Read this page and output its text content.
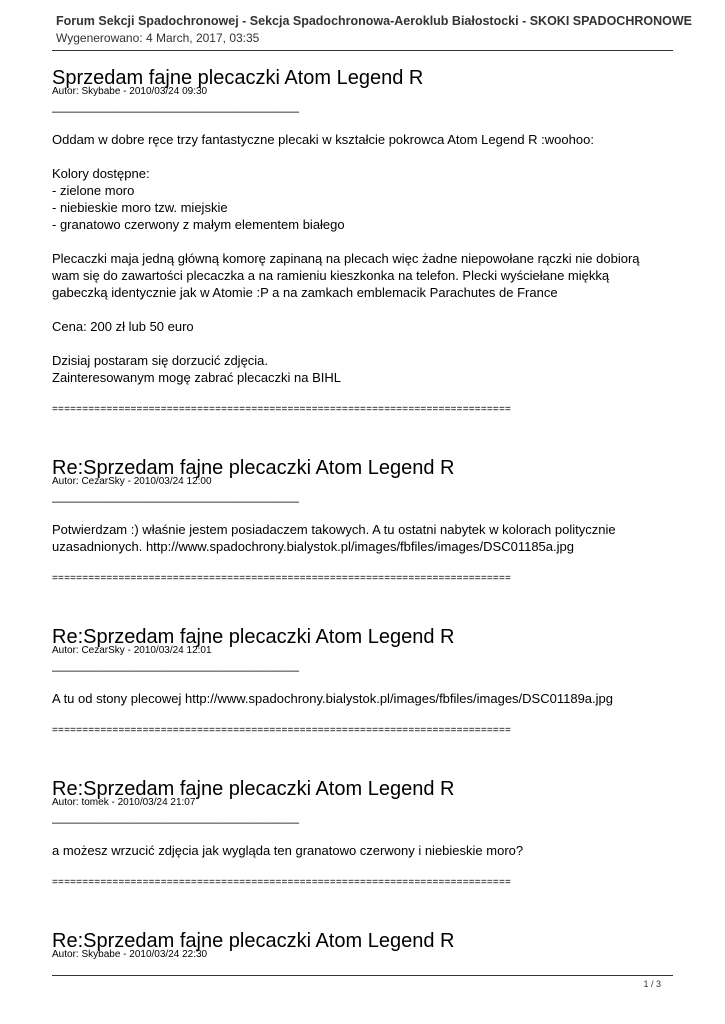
Forum Sekcji Spadochronowej - Sekcja Spadochronowa-Aeroklub Białostocki - SKOKI SPADOCHRONOWE
Wygenerowano: 4 March, 2017, 03:35
Sprzedam fajne plecaczki Atom Legend R
Autor: Skybabe - 2010/03/24 09:30
_____________________________________

Oddam w dobre ręce trzy fantastyczne plecaki w kształcie pokrowca Atom Legend R :woohoo:

Kolory dostępne:
- zielone moro
- niebieskie moro tzw. miejskie
- granatowo czerwony z małym elementem białego

Plecaczki maja jedną główną komorę zapinaną na plecach więc żadne niepowołane rączki nie dobiorą
wam się do zawartości plecaczka a na ramieniu kieszkonka na telefon. Plecki wyściełane miękką
gabeczką identycznie jak w Atomie :P a na zamkach emblemacik Parachutes de France

Cena: 200 zł lub 50 euro

Dzisiaj postaram się dorzucić zdjęcia.
Zainteresowanym mogę zabrać plecaczki na BIHL

============================================================================
Re:Sprzedam fajne plecaczki Atom Legend R
Autor: CezarSky - 2010/03/24 12:00
_____________________________________

Potwierdzam :) właśnie jestem posiadaczem takowych. A tu ostatni nabytek w kolorach politycznie
uzasadnionych. http://www.spadochrony.bialystok.pl/images/fbfiles/images/DSC01185a.jpg

============================================================================
Re:Sprzedam fajne plecaczki Atom Legend R
Autor: CezarSky - 2010/03/24 12:01
_____________________________________

A tu od stony plecowej http://www.spadochrony.bialystok.pl/images/fbfiles/images/DSC01189a.jpg

============================================================================
Re:Sprzedam fajne plecaczki Atom Legend R
Autor: tomek - 2010/03/24 21:07
_____________________________________

a możesz wrzucić zdjęcia jak wygląda ten granatowo czerwony i niebieskie moro?

============================================================================
Re:Sprzedam fajne plecaczki Atom Legend R
Autor: Skybabe - 2010/03/24 22:30
1 / 3
